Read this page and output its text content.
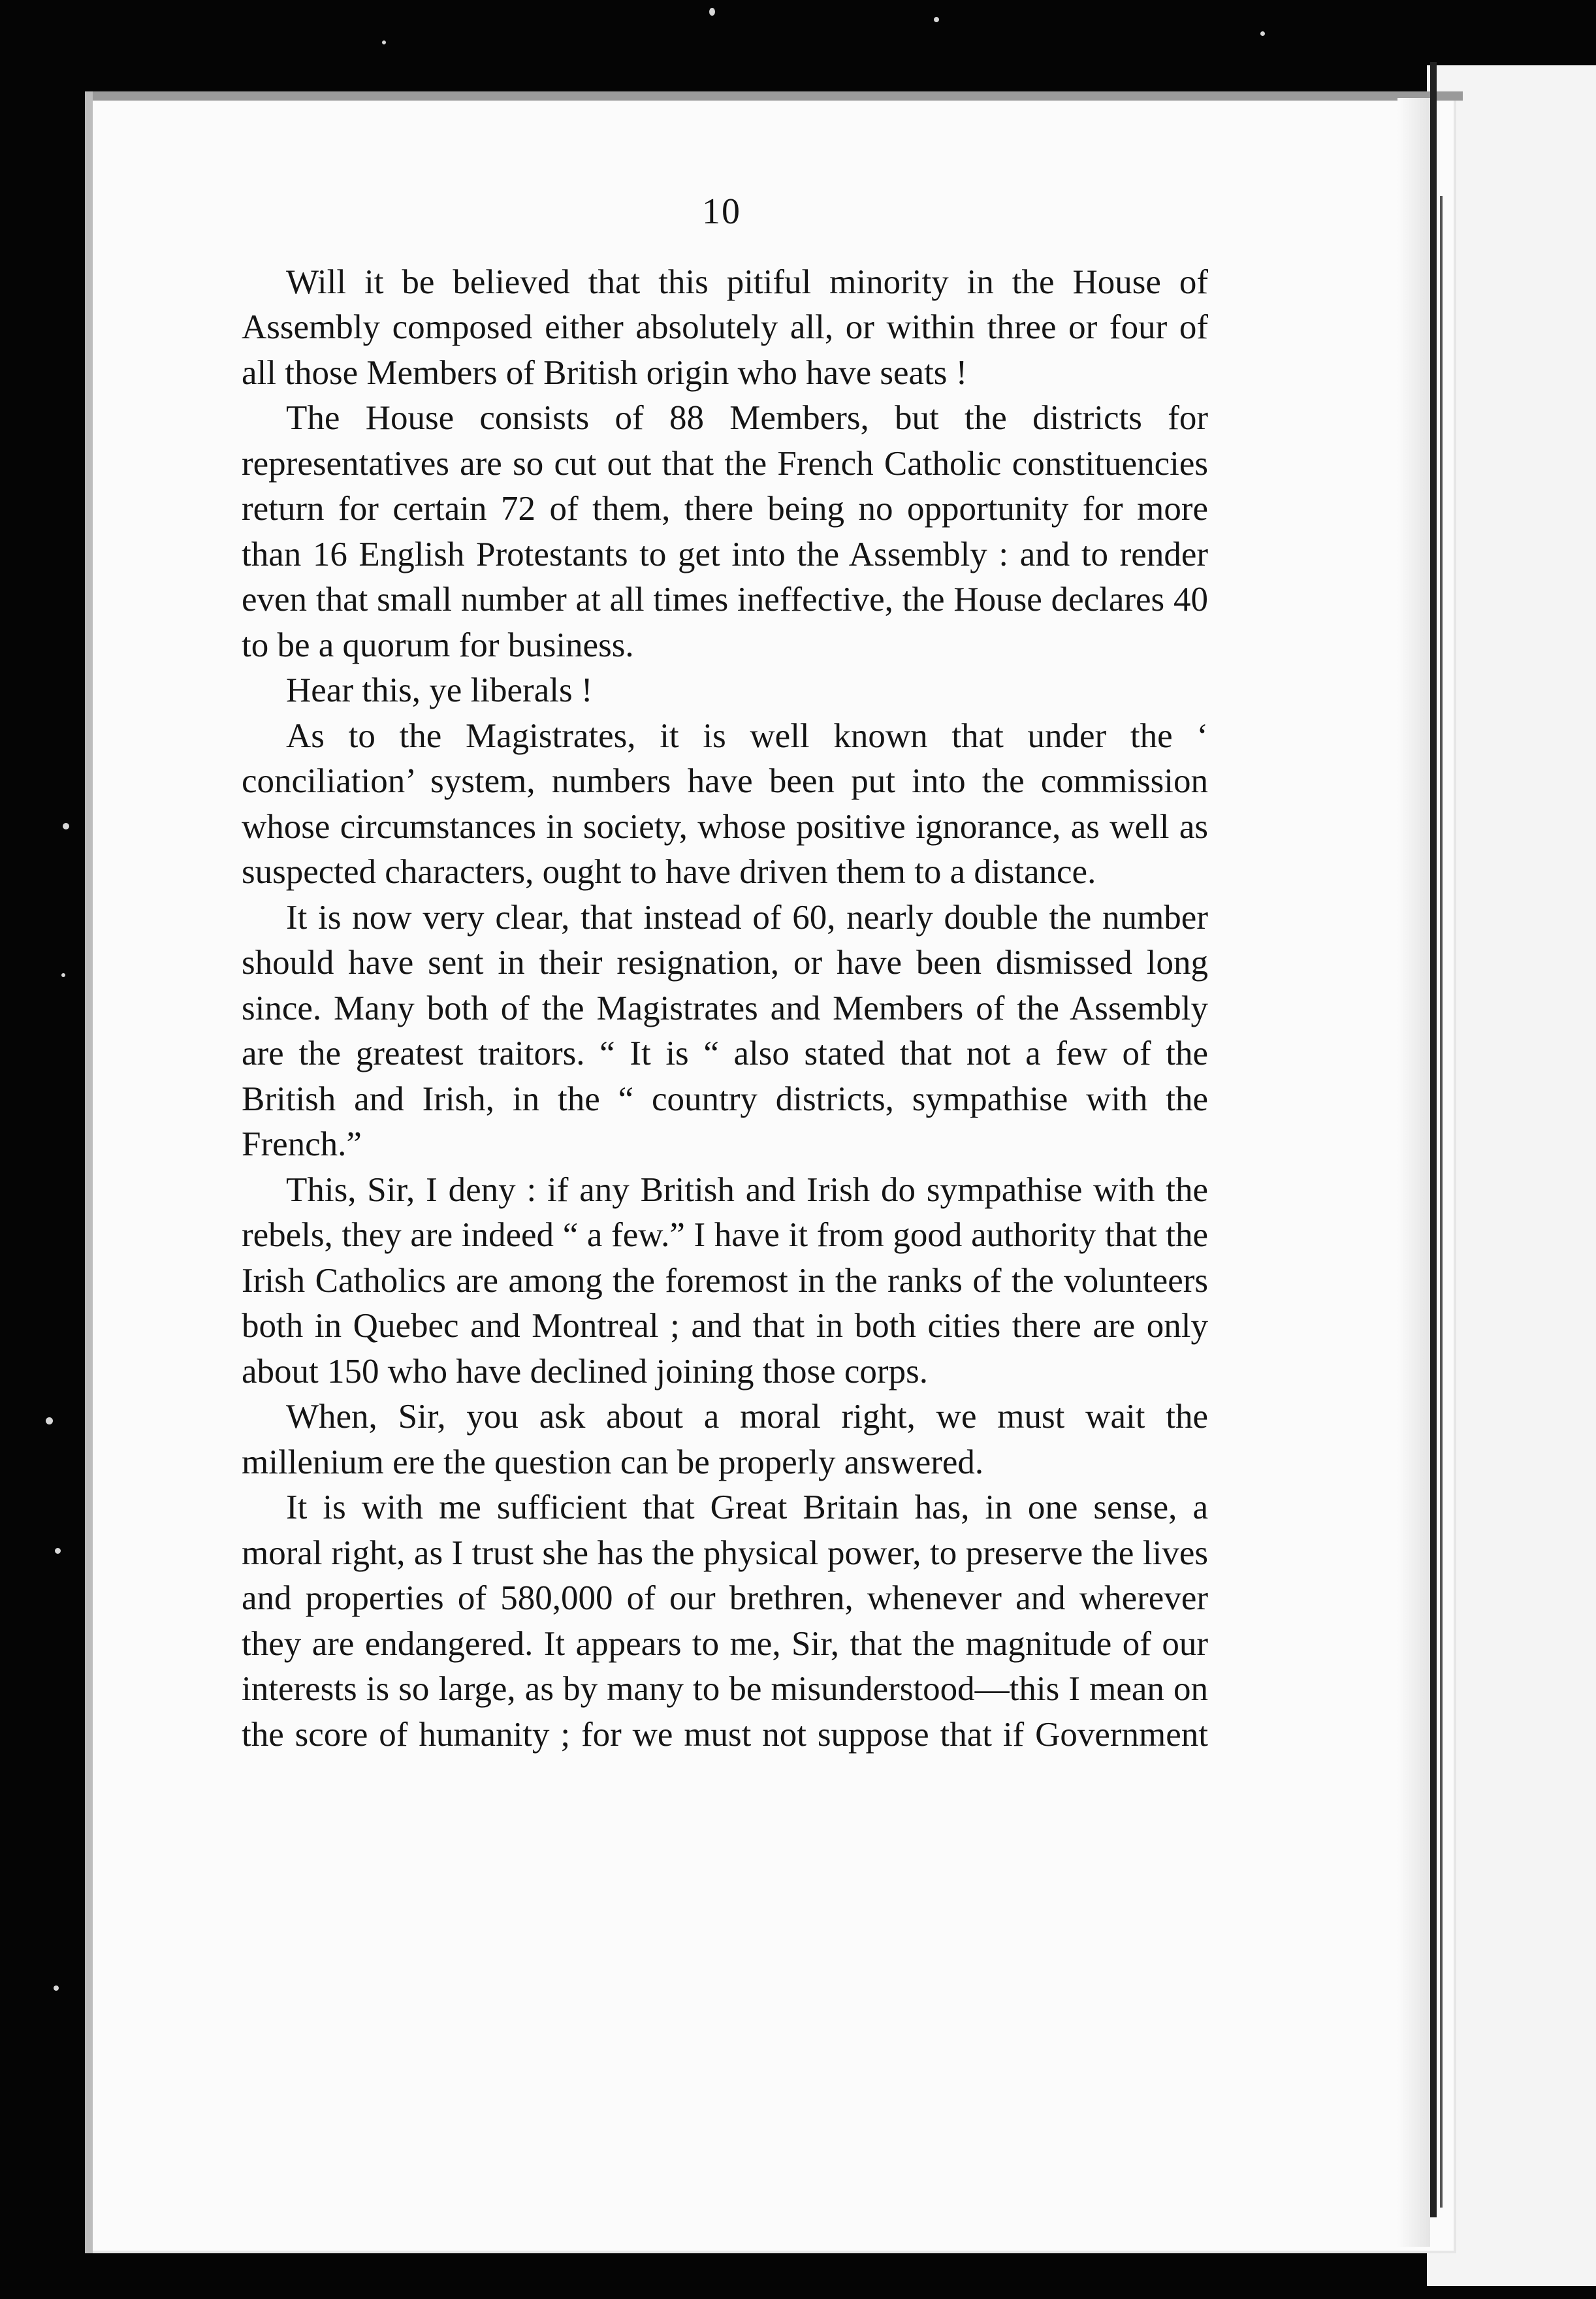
10

Will it be believed that this pitiful minority in the House of Assembly composed either absolutely all, or within three or four of all those Members of British origin who have seats !

The House consists of 88 Members, but the districts for representatives are so cut out that the French Catholic constituencies return for certain 72 of them, there being no opportunity for more than 16 English Protestants to get into the Assembly : and to render even that small number at all times ineffective, the House declares 40 to be a quorum for business.

Hear this, ye liberals !

As to the Magistrates, it is well known that under the ‘ conciliation’ system, numbers have been put into the commission whose circumstances in society, whose positive ignorance, as well as suspected characters, ought to have driven them to a distance.

It is now very clear, that instead of 60, nearly double the number should have sent in their resignation, or have been dismissed long since. Many both of the Magistrates and Members of the Assembly are the greatest traitors. “ It is “ also stated that not a few of the British and Irish, in the “ country districts, sympathise with the French.”

This, Sir, I deny : if any British and Irish do sympathise with the rebels, they are indeed “ a few.” I have it from good authority that the Irish Catholics are among the foremost in the ranks of the volunteers both in Quebec and Montreal ; and that in both cities there are only about 150 who have declined joining those corps.

When, Sir, you ask about a moral right, we must wait the millenium ere the question can be properly answered.

It is with me sufficient that Great Britain has, in one sense, a moral right, as I trust she has the physical power, to preserve the lives and properties of 580,000 of our brethren, whenever and wherever they are endangered. It appears to me, Sir, that the magnitude of our interests is so large, as by many to be misunderstood—this I mean on the score of humanity ; for we must not suppose that if Government
